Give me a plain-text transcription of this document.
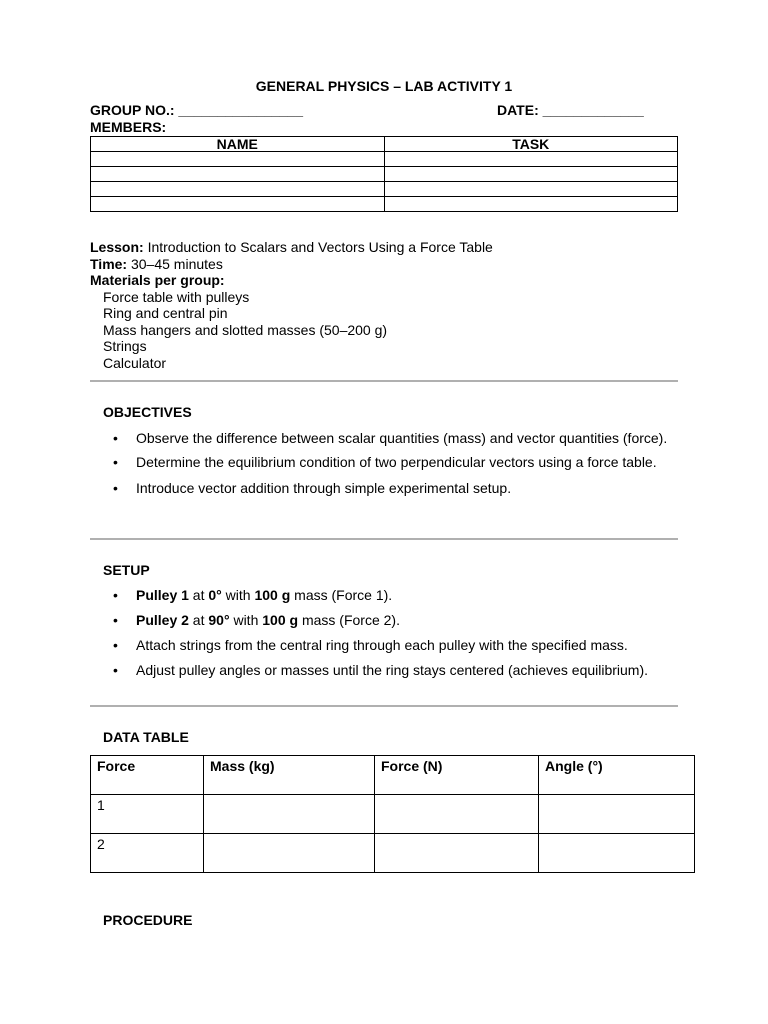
GENERAL PHYSICS – LAB ACTIVITY 1
GROUP NO.: ________________	DATE: _____________
MEMBERS:
NAME	TASK

Lesson: Introduction to Scalars and Vectors Using a Force Table
Time: 30–45 minutes
Materials per group:
Force table with pulleys
Ring and central pin
Mass hangers and slotted masses (50–200 g)
Strings
Calculator
OBJECTIVES
• Observe the difference between scalar quantities (mass) and vector quantities (force).
• Determine the equilibrium condition of two perpendicular vectors using a force table.
• Introduce vector addition through simple experimental setup.
SETUP
• Pulley 1 at 0° with 100 g mass (Force 1).
• Pulley 2 at 90° with 100 g mass (Force 2).
• Attach strings from the central ring through each pulley with the specified mass.
• Adjust pulley angles or masses until the ring stays centered (achieves equilibrium).
DATA TABLE
Force	Mass (kg)	Force (N)	Angle (°)
1			
2			
PROCEDURE
